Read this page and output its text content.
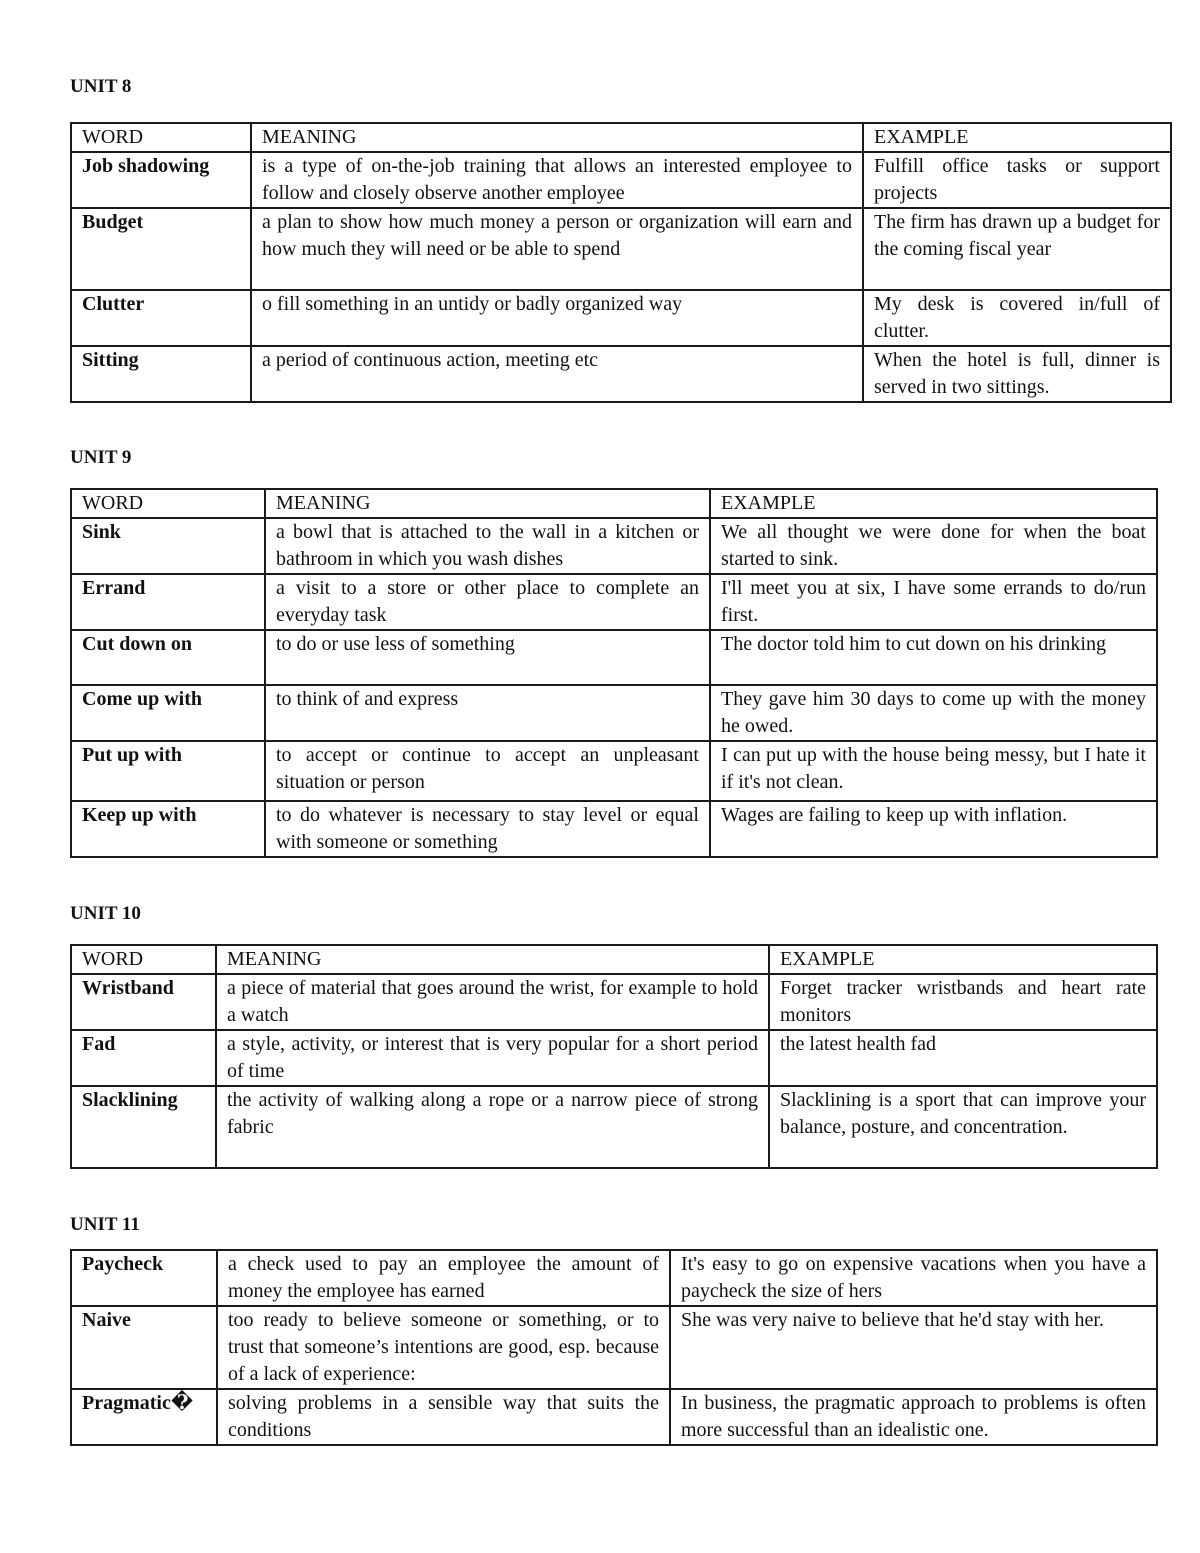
UNIT 8
WORD	MEANING	EXAMPLE
Job shadowing	is a type of on-the-job training that allows an interested employee to follow and closely observe another employee	Fulfill office tasks or support projects
Budget	a plan to show how much money a person or organization will earn and how much they will need or be able to spend	The firm has drawn up a budget for the coming fiscal year
Clutter	o fill something in an untidy or badly organized way	My desk is covered in/full of clutter.
Sitting	a period of continuous action, meeting etc	When the hotel is full, dinner is served in two sittings.
UNIT 9
WORD	MEANING	EXAMPLE
Sink	a bowl that is attached to the wall in a kitchen or bathroom in which you wash dishes	We all thought we were done for when the boat started to sink.
Errand	a visit to a store or other place to complete an everyday task	I'll meet you at six, I have some errands to do/run first.
Cut down on	to do or use less of something	The doctor told him to cut down on his drinking
Come up with	to think of and express	They gave him 30 days to come up with the money he owed.
Put up with	to accept or continue to accept an unpleasant situation or person	I can put up with the house being messy, but I hate it if it's not clean.
Keep up with	to do whatever is necessary to stay level or equal with someone or something	Wages are failing to keep up with inflation.
UNIT 10
WORD	MEANING	EXAMPLE
Wristband	a piece of material that goes around the wrist, for example to hold a watch	Forget tracker wristbands and heart rate monitors
Fad	a style, activity, or interest that is very popular for a short period of time	the latest health fad
Slacklining	the activity of walking along a rope or a narrow piece of strong fabric	Slacklining is a sport that can improve your balance, posture, and concentration.
UNIT 11
Paycheck	a check used to pay an employee the amount of money the employee has earned	It's easy to go on expensive vacations when you have a paycheck the size of hers
Naive	too ready to believe someone or something, or to trust that someone’s intentions are good, esp. because of a lack of experience:	She was very naive to believe that he'd stay with her.
Pragmatic�	solving problems in a sensible way that suits the conditions	In business, the pragmatic approach to problems is often more successful than an idealistic one.
